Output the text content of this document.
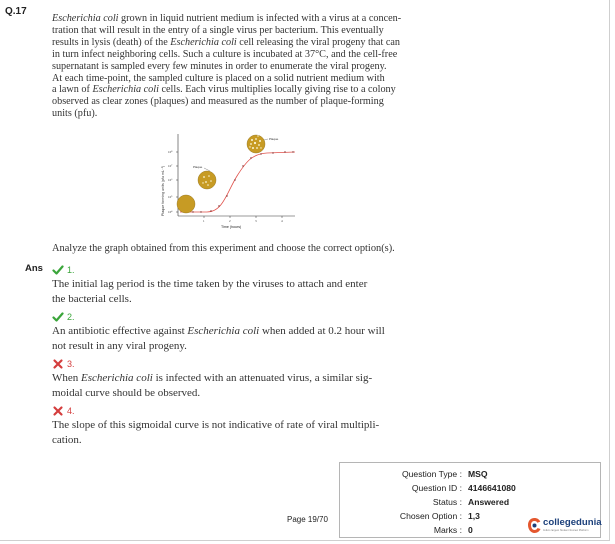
Q.17

Escherichia coli grown in liquid nutrient medium is infected with a virus at a concen-

tration that will result in the entry of a single virus per bacterium. This eventually

results in lysis (death) of the Escherichia coli cell releasing the viral progeny that can

in turn infect neighboring cells. Such a culture is incubated at 37°C, and the cell-free

supernatant is sampled every few minutes in order to enumerate the viral progeny.

At each time-point, the sampled culture is placed on a solid nutrient medium with

a lawn of Escherichia coli cells. Each virus multiplies locally giving rise to a colony

observed as clear zones (plaques) and measured as the number of plaque-forming

units (pfu).

Plaque forming units (pfu mL⁻¹)
10⁸
10⁷
10⁶
10⁵
10⁴
1	2	3	4
Time (hours)
Plaque
Plaque
Analyze the graph obtained from this experiment and choose the correct option(s).
Ans	1.
The initial lag period is the time taken by the viruses to attach and enter
the bacterial cells.
2.
An antibiotic effective against Escherichia coli when added at 0.2 hour will
not result in any viral progeny.
3.
When Escherichia coli is infected with an attenuated virus, a similar sig-
moidal curve should be observed.
4.
The slope of this sigmoidal curve is not indicative of rate of viral multipli-
cation.
Page 19/70
Question Type : MSQ
Question ID : 4146641080
Status : Answered
Chosen Option : 1,3
Marks : 0
collegedunia
India's largest Student Review Platform
